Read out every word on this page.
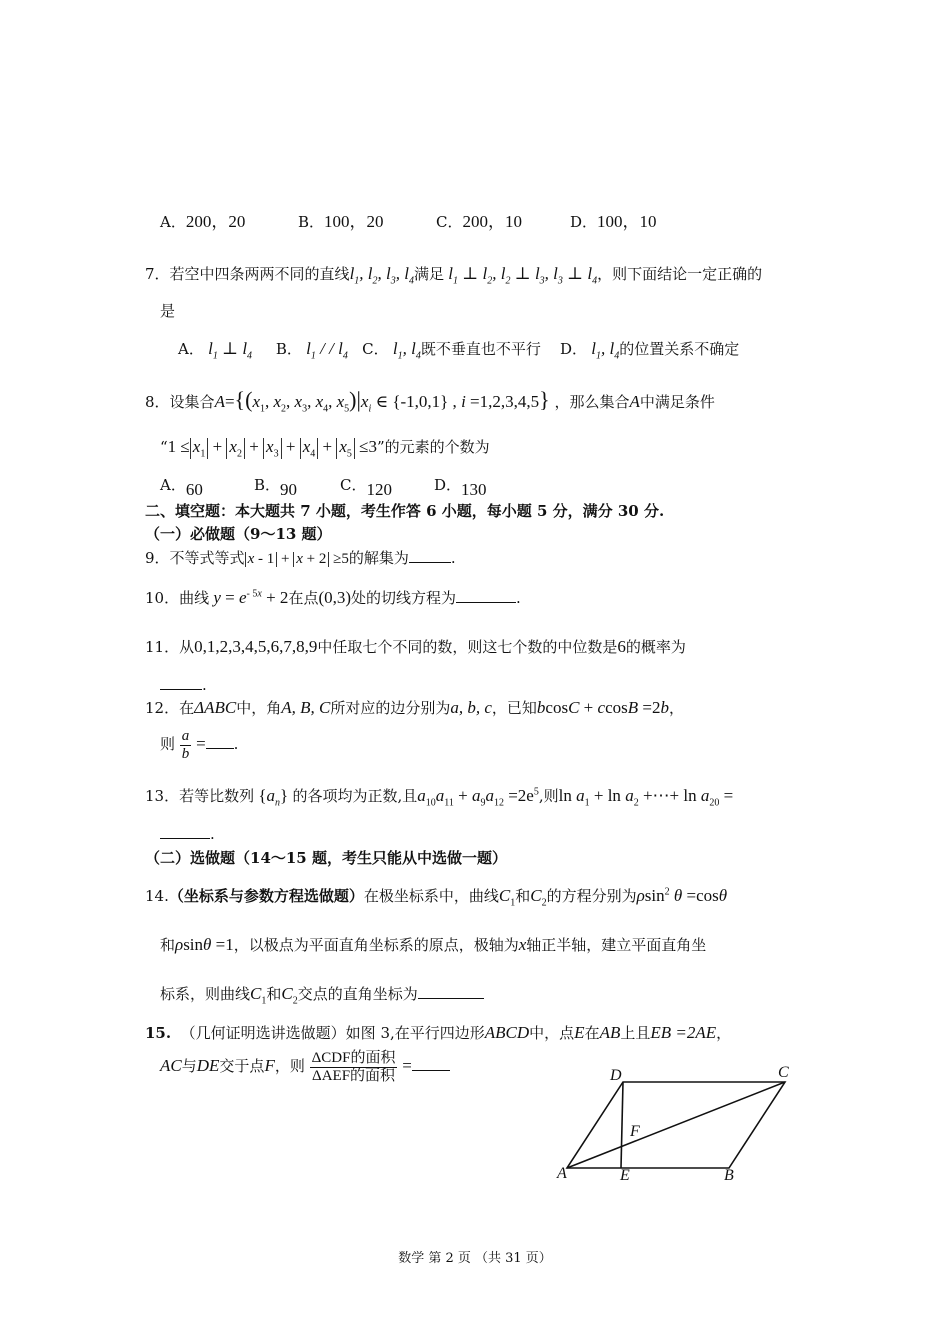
A．200，20	B．100，20	C．200，10	D．100，10
7．若空中四条两两不同的直线$l_1$, $l_2$, $l_3$, $l_4$满足 $l_1$ ⊥ $l_2$, $l_2$ ⊥ $l_3$, $l_3$ ⊥ $l_4$，则下面结论一定正确的
是
A． $l_1$ ⊥ $l_4$ B． $l_1$ / / $l_4$ C． $l_1$, $l_4$既不垂直也不平行 D． $l_1$, $l_4$的位置关系不确定
8．设集合$A=\{(x_1$, $x_2$, $x_3$, $x_4$, $x_5)|x_i$ ∈ {-1,0,1} , i =1,2,3,4,5} ，那么集合A中满足条件
“$1 \le x_1 + x_2 + x_3 + x_4 + x_5 \le 3$”的元素的个数为
A．60	B．90	C．120	D．130
二、填空题：本大题共 7 小题，考生作答 6 小题，每小题 5 分，满分 30 分.
（一）必做题（9～13 题）
9．不等式等式 x - 1 + x + 2 ≥5的解集为	.
10．曲线 $y = e^{- 5x} + 2$在点(0,3)处的切线方程为	.
11．从0,1,2,3,4,5,6,7,8,9中任取七个不同的数，则这七个数的中位数是6的概率为
.
12．在ΔABC中，角A, B, C所对应的边分别为a, b, c，已知bcosC + ccosB =2b，
则 $\frac{a}{b}$ = .
13．若等比数列 $\{a_n\}$ 的各项均为正数,且$a_{10}a_{11} + a_9a_{12} =2e^5$,则$\ln a_1 + \ln a_2$ +⋯+ $\ln a_{20}$ =
.
（二）选做题（14～15 题，考生只能从中选做一题）
14.（坐标系与参数方程选做题）在极坐标系中，曲线$C_1$和$C_2$的方程分别为ρsin$^2$ θ =cosθ
和ρsinθ =1，以极点为平面直角坐标系的原点，极轴为x轴正半轴，建立平面直角坐
标系，则曲线$C_1$和$C_2$交点的直角坐标为
15. （几何证明选讲选做题）如图 3,在平行四边形ABCD中，点E在AB上且EB =2AE，
AC与DE交于点F，则 $\frac{\text{ΔCDF的面积}}{\text{ΔAEF的面积}}$ =
A	B
C
D
E
F
数学 第 2 页 （共 31 页）
